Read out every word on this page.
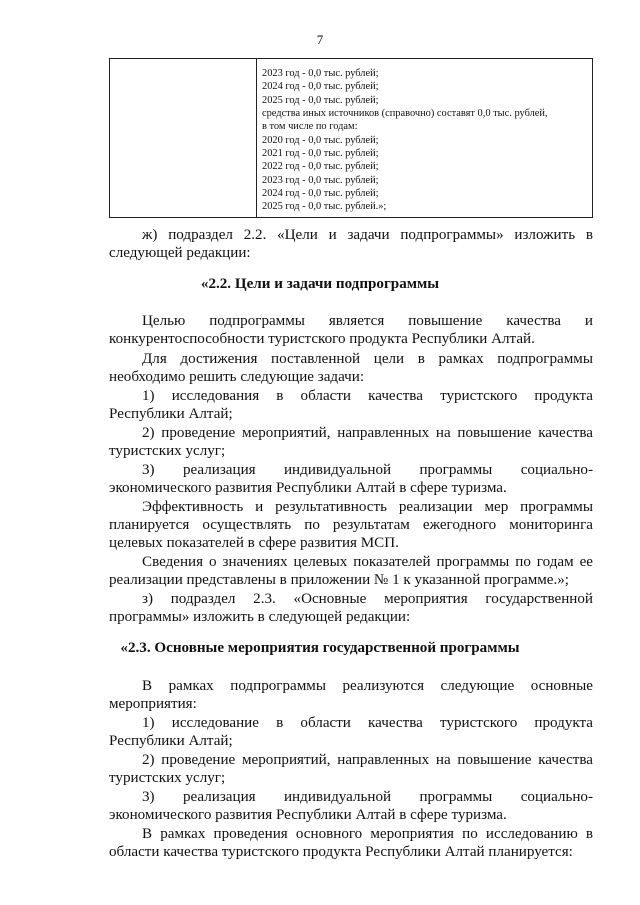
7
2023 год - 0,0 тыс. рублей;
2024 год - 0,0 тыс. рублей;
2025 год - 0,0 тыс. рублей;
средства иных источников (справочно) составят 0,0 тыс. рублей,
в том числе по годам:
2020 год - 0,0 тыс. рублей;
2021 год - 0,0 тыс. рублей;
2022 год - 0,0 тыс. рублей;
2023 год - 0,0 тыс. рублей;
2024 год - 0,0 тыс. рублей;
2025 год - 0,0 тыс. рублей.»;
ж) подраздел 2.2. «Цели и задачи подпрограммы» изложить в
следующей редакции:
«2.2. Цели и задачи подпрограммы
Целью подпрограммы является повышение качества и
конкурентоспособности туристского продукта Республики Алтай.
Для достижения поставленной цели в рамках подпрограммы
необходимо решить следующие задачи:
1) исследования в области качества туристского продукта
Республики Алтай;
2) проведение мероприятий, направленных на повышение качества
туристских услуг;
3) реализация индивидуальной программы социально-
экономического развития Республики Алтай в сфере туризма.
Эффективность и результативность реализации мер программы
планируется осуществлять по результатам ежегодного мониторинга
целевых показателей в сфере развития МСП.
Сведения о значениях целевых показателей программы по годам ее
реализации представлены в приложении № 1 к указанной программе.»;
з) подраздел 2.3. «Основные мероприятия государственной
программы» изложить в следующей редакции:
«2.3. Основные мероприятия государственной программы
В рамках подпрограммы реализуются следующие основные
мероприятия:
1) исследование в области качества туристского продукта
Республики Алтай;
2) проведение мероприятий, направленных на повышение качества
туристских услуг;
3) реализация индивидуальной программы социально-
экономического развития Республики Алтай в сфере туризма.
В рамках проведения основного мероприятия по исследованию в
области качества туристского продукта Республики Алтай планируется:
